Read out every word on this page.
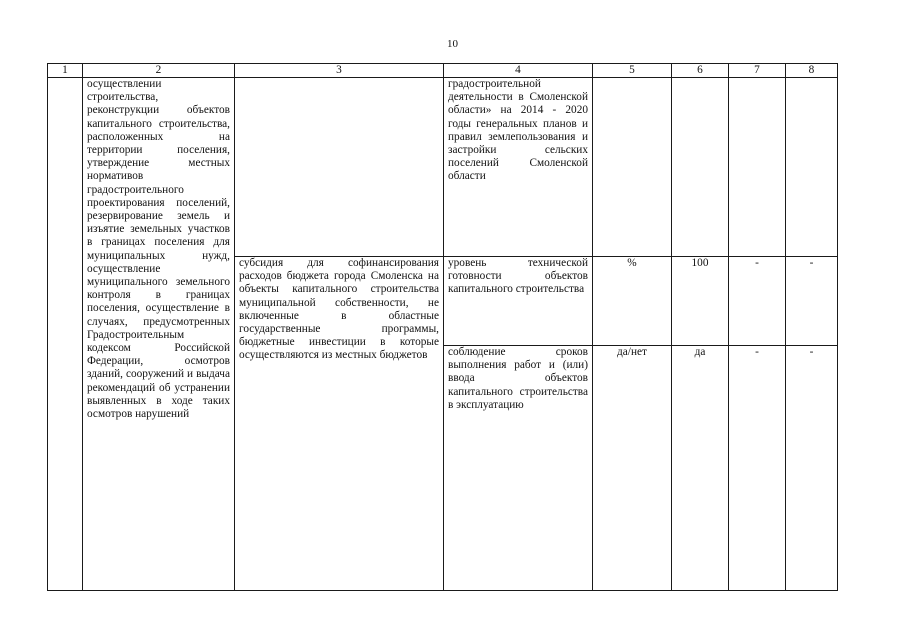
10
1	2	3	4	5	6	7	8
	осуществлении строительства, реконструкции объектов капитального строительства, расположенных на территории поселения, утверждение местных нормативов градостроительного проектирования поселений, резервирование земель и изъятие земельных участков в границах поселения для муниципальных нужд, осуществление муниципального земельного контроля в границах поселения, осуществление в случаях, предусмотренных Градостроительным кодексом Российской Федерации, осмотров зданий, сооружений и выдача рекомендаций об устранении выявленных в ходе таких осмотров нарушений		градостроительной деятельности в Смоленской области» на 2014 - 2020 годы генеральных планов и правил землепользования и застройки сельских поселений Смоленской области				
		субсидия для софинансирования расходов бюджета города Смоленска на объекты капитального строительства муниципальной собственности, не включенные в областные государственные программы, бюджетные инвестиции в которые осуществляются из местных бюджетов	уровень технической готовности объектов капитального строительства	%	100	-	-
			соблюдение сроков выполнения работ и (или) ввода объектов капитального строительства в эксплуатацию	да/нет	да	-	-
